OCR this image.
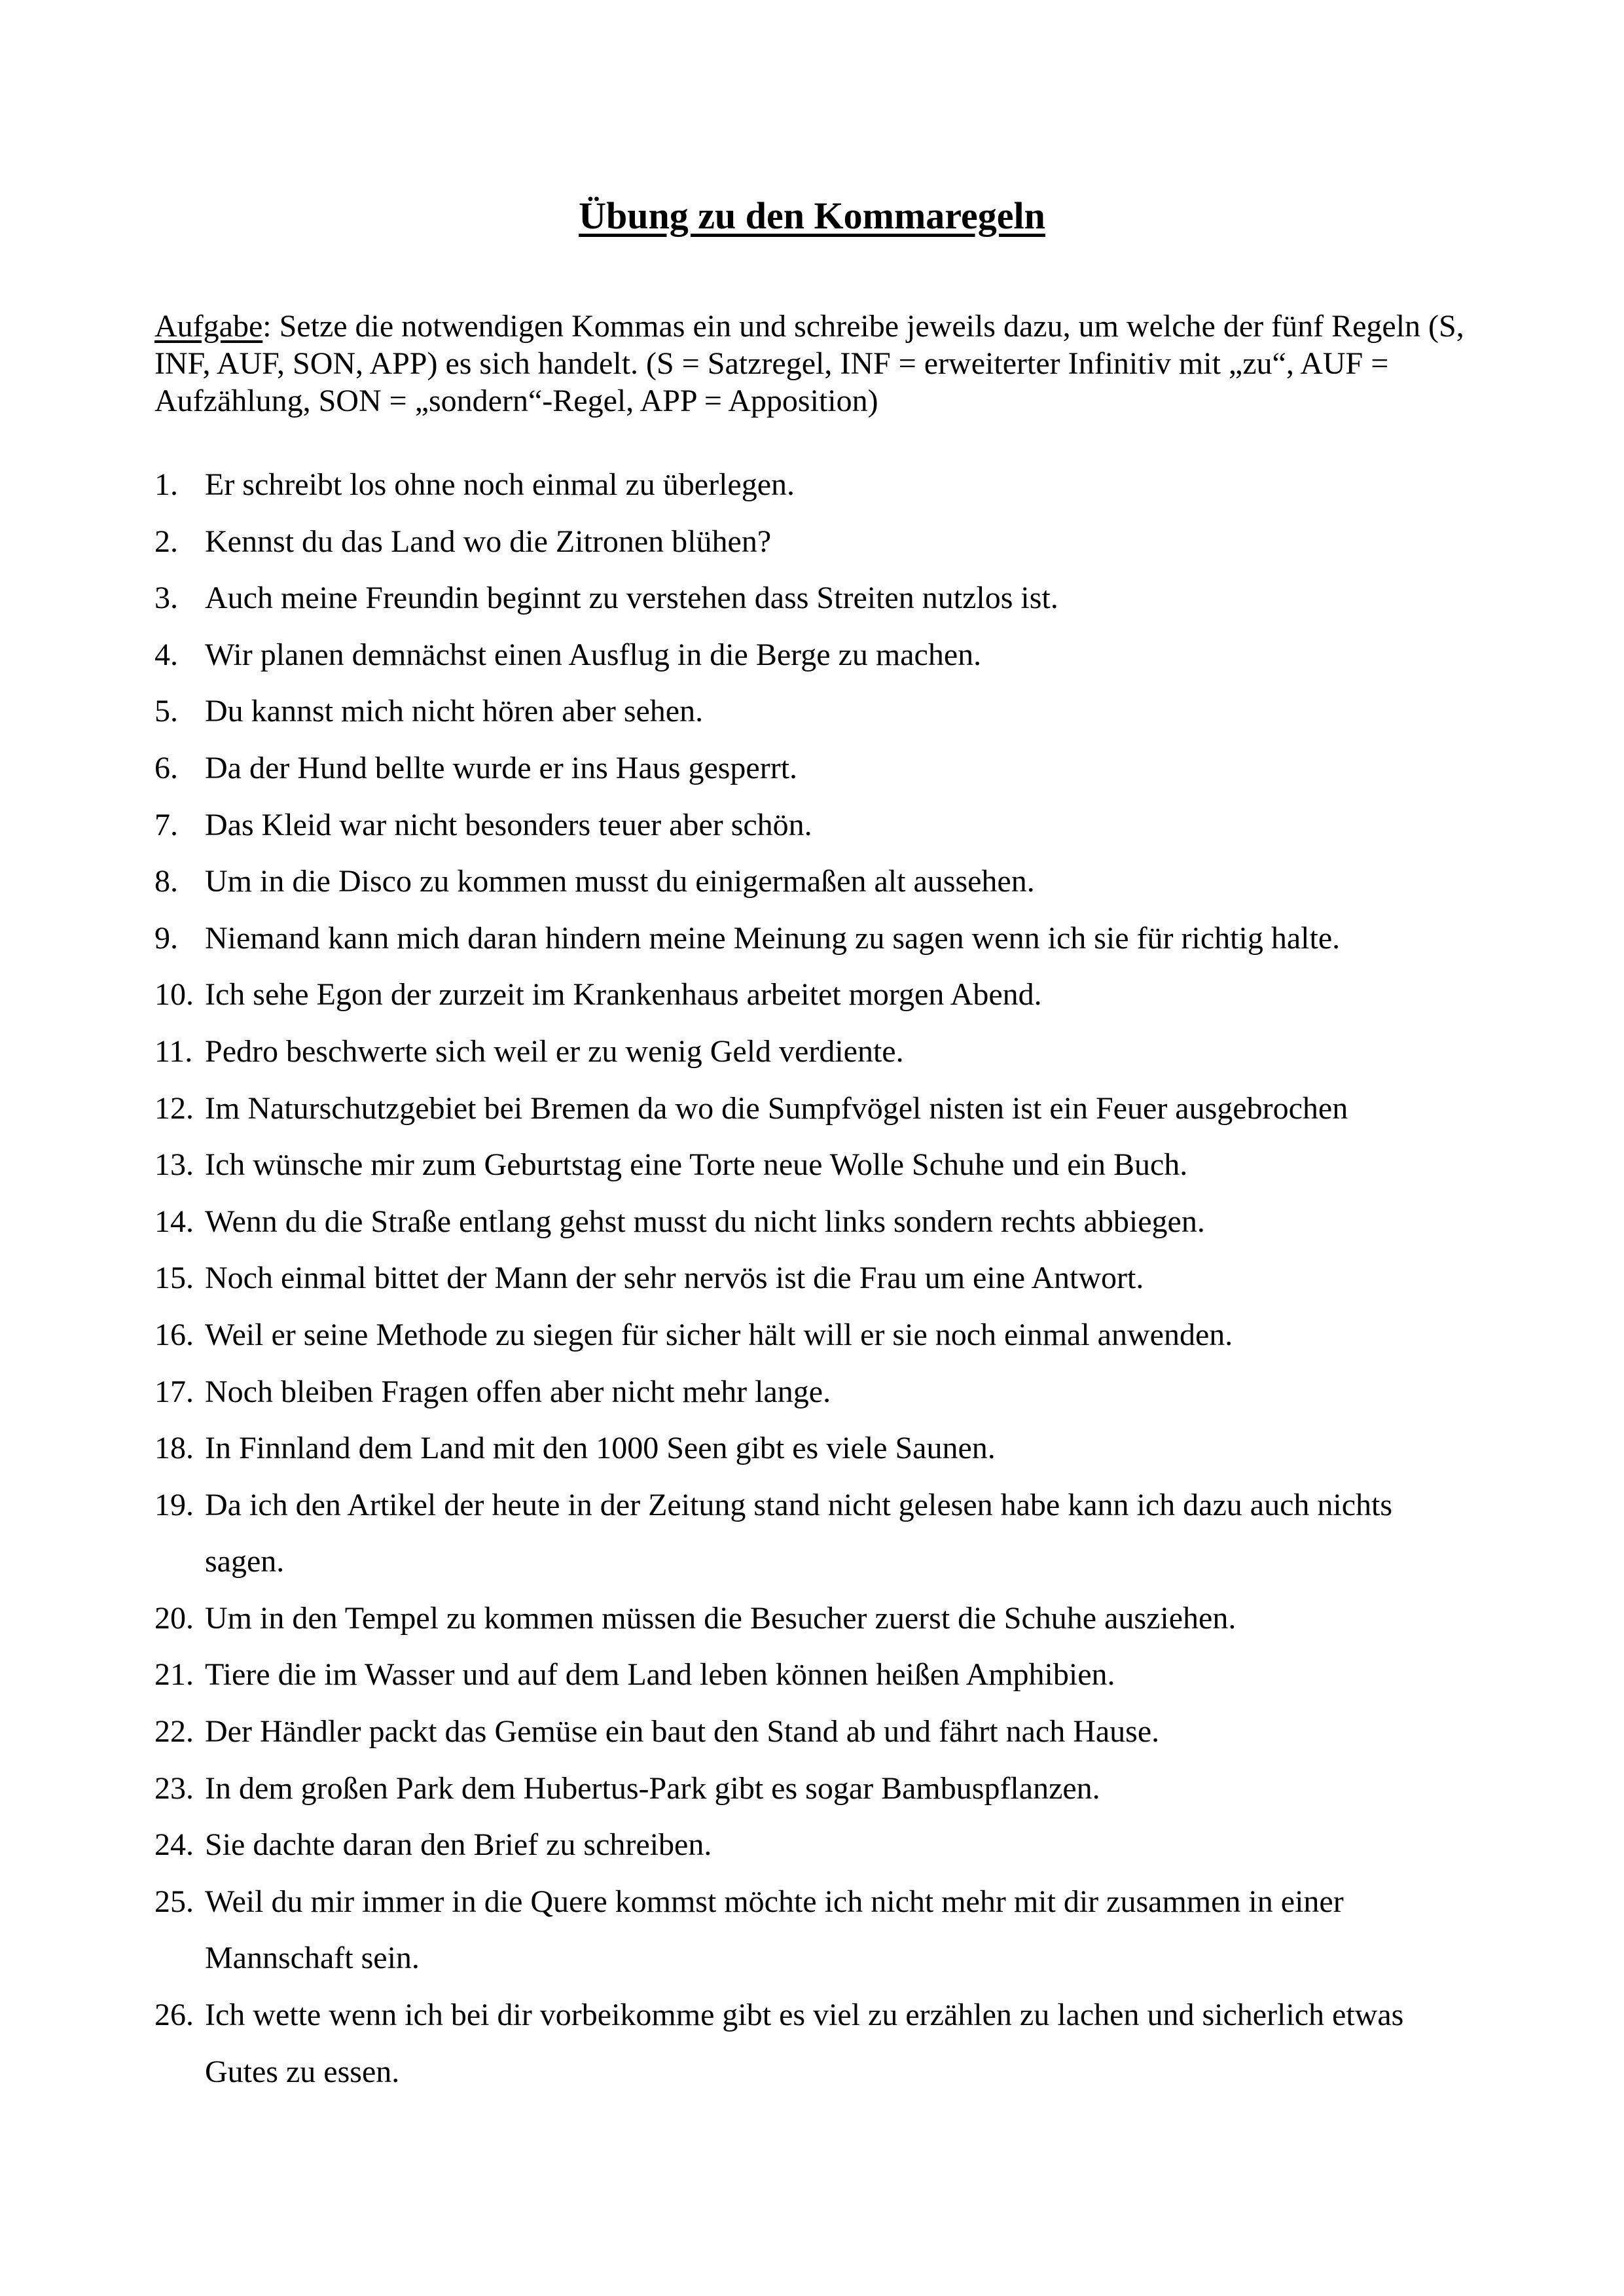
Übung zu den Kommaregeln
Aufgabe: Setze die notwendigen Kommas ein und schreibe jeweils dazu, um welche der fünf Regeln (S, INF, AUF, SON, APP) es sich handelt. (S = Satzregel, INF = erweiterter Infinitiv mit „zu“, AUF = Aufzählung, SON = „sondern“-Regel, APP = Apposition)
1. Er schreibt los ohne noch einmal zu überlegen.
2. Kennst du das Land wo die Zitronen blühen?
3. Auch meine Freundin beginnt zu verstehen dass Streiten nutzlos ist.
4. Wir planen demnächst einen Ausflug in die Berge zu machen.
5. Du kannst mich nicht hören aber sehen.
6. Da der Hund bellte wurde er ins Haus gesperrt.
7. Das Kleid war nicht besonders teuer aber schön.
8. Um in die Disco zu kommen musst du einigermaßen alt aussehen.
9. Niemand kann mich daran hindern meine Meinung zu sagen wenn ich sie für richtig halte.
10. Ich sehe Egon der zurzeit im Krankenhaus arbeitet morgen Abend.
11. Pedro beschwerte sich weil er zu wenig Geld verdiente.
12. Im Naturschutzgebiet bei Bremen da wo die Sumpfvögel nisten ist ein Feuer ausgebrochen
13. Ich wünsche mir zum Geburtstag eine Torte neue Wolle Schuhe und ein Buch.
14. Wenn du die Straße entlang gehst musst du nicht links sondern rechts abbiegen.
15. Noch einmal bittet der Mann der sehr nervös ist die Frau um eine Antwort.
16. Weil er seine Methode zu siegen für sicher hält will er sie noch einmal anwenden.
17. Noch bleiben Fragen offen aber nicht mehr lange.
18. In Finnland dem Land mit den 1000 Seen gibt es viele Saunen.
19. Da ich den Artikel der heute in der Zeitung stand nicht gelesen habe kann ich dazu auch nichts sagen.
20. Um in den Tempel zu kommen müssen die Besucher zuerst die Schuhe ausziehen.
21. Tiere die im Wasser und auf dem Land leben können heißen Amphibien.
22. Der Händler packt das Gemüse ein baut den Stand ab und fährt nach Hause.
23. In dem großen Park dem Hubertus-Park gibt es sogar Bambuspflanzen.
24. Sie dachte daran den Brief zu schreiben.
25. Weil du mir immer in die Quere kommst möchte ich nicht mehr mit dir zusammen in einer Mannschaft sein.
26. Ich wette wenn ich bei dir vorbeikomme gibt es viel zu erzählen zu lachen und sicherlich etwas Gutes zu essen.
